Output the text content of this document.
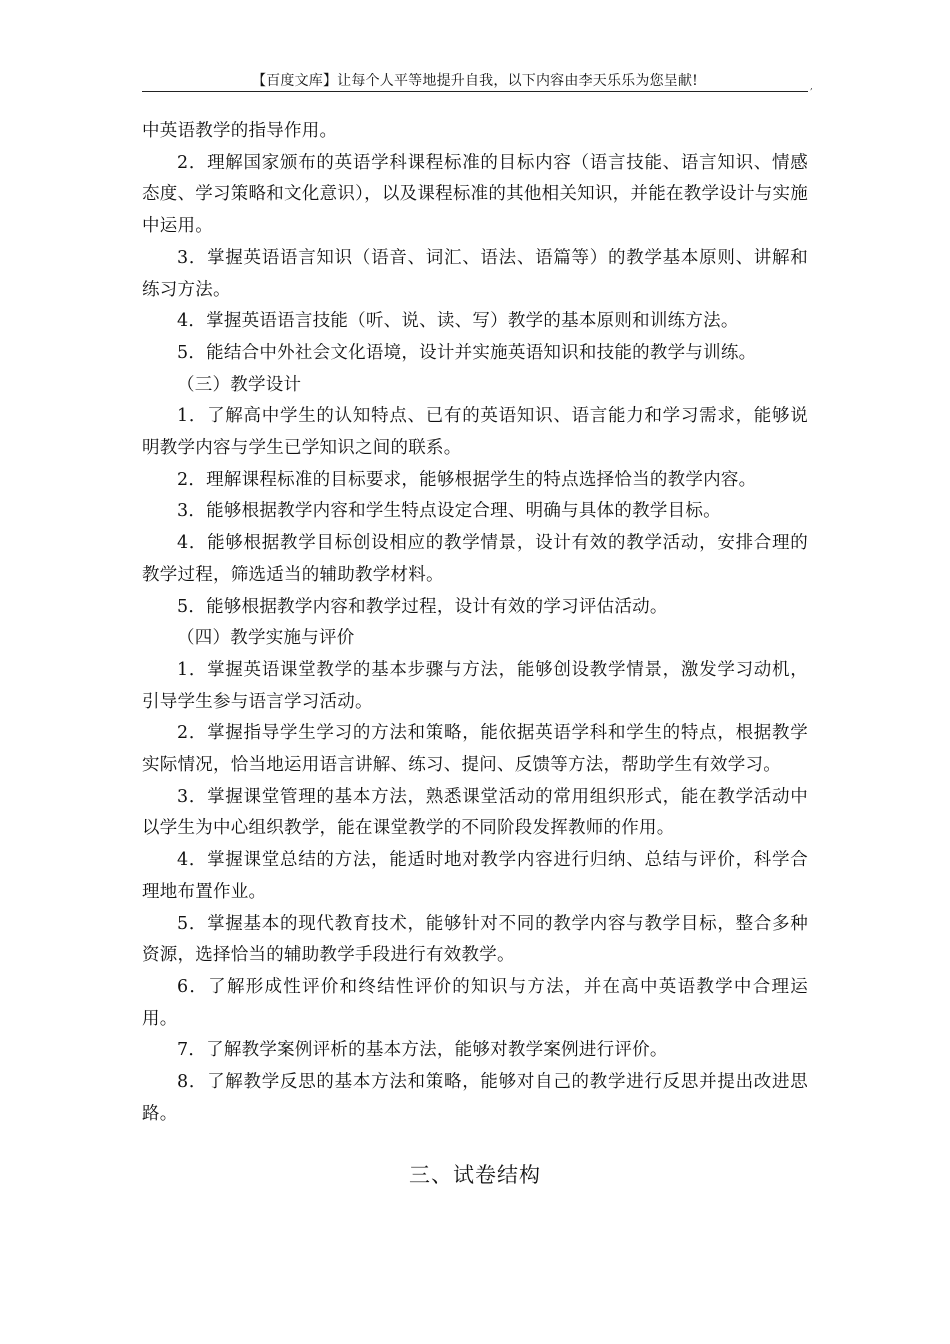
【百度文库】让每个人平等地提升自我，以下内容由李天乐乐为您呈献!	,

中英语教学的指导作用。

2．理解国家颁布的英语学科课程标准的目标内容（语言技能、语言知识、情感态度、学习策略和文化意识），以及课程标准的其他相关知识，并能在教学设计与实施中运用。

3．掌握英语语言知识（语音、词汇、语法、语篇等）的教学基本原则、讲解和练习方法。

4．掌握英语语言技能（听、说、读、写）教学的基本原则和训练方法。

5．能结合中外社会文化语境，设计并实施英语知识和技能的教学与训练。

（三）教学设计

1．了解高中学生的认知特点、已有的英语知识、语言能力和学习需求，能够说明教学内容与学生已学知识之间的联系。

2．理解课程标准的目标要求，能够根据学生的特点选择恰当的教学内容。

3．能够根据教学内容和学生特点设定合理、明确与具体的教学目标。

4．能够根据教学目标创设相应的教学情景，设计有效的教学活动，安排合理的教学过程，筛选适当的辅助教学材料。

5．能够根据教学内容和教学过程，设计有效的学习评估活动。

（四）教学实施与评价

1．掌握英语课堂教学的基本步骤与方法，能够创设教学情景，激发学习动机，引导学生参与语言学习活动。

2．掌握指导学生学习的方法和策略，能依据英语学科和学生的特点，根据教学实际情况，恰当地运用语言讲解、练习、提问、反馈等方法，帮助学生有效学习。

3．掌握课堂管理的基本方法，熟悉课堂活动的常用组织形式，能在教学活动中以学生为中心组织教学，能在课堂教学的不同阶段发挥教师的作用。

4．掌握课堂总结的方法，能适时地对教学内容进行归纳、总结与评价，科学合理地布置作业。

5．掌握基本的现代教育技术，能够针对不同的教学内容与教学目标，整合多种资源，选择恰当的辅助教学手段进行有效教学。

6．了解形成性评价和终结性评价的知识与方法，并在高中英语教学中合理运用。

7．了解教学案例评析的基本方法，能够对教学案例进行评价。

8．了解教学反思的基本方法和策略，能够对自己的教学进行反思并提出改进思路。

三、试卷结构
